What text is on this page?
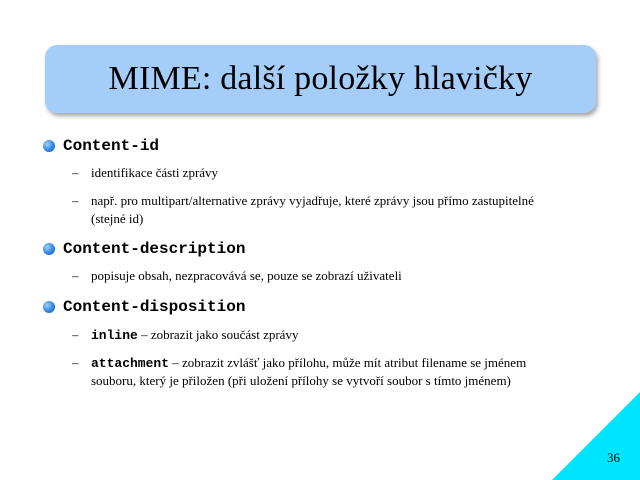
MIME: další položky hlavičky
Content-id
– identifikace části zprávy
– např. pro multipart/alternative zprávy vyjadřuje, které zprávy jsou přímo zastupitelné
(stejné id)
Content-description
– popisuje obsah, nezpracovává se, pouze se zobrazí uživateli
Content-disposition
– inline – zobrazit jako součást zprávy
– attachment – zobrazit zvlášť jako přílohu, může mít atribut filename se jménem
souboru, který je přiložen (při uložení přílohy se vytvoří soubor s tímto jménem)
36
